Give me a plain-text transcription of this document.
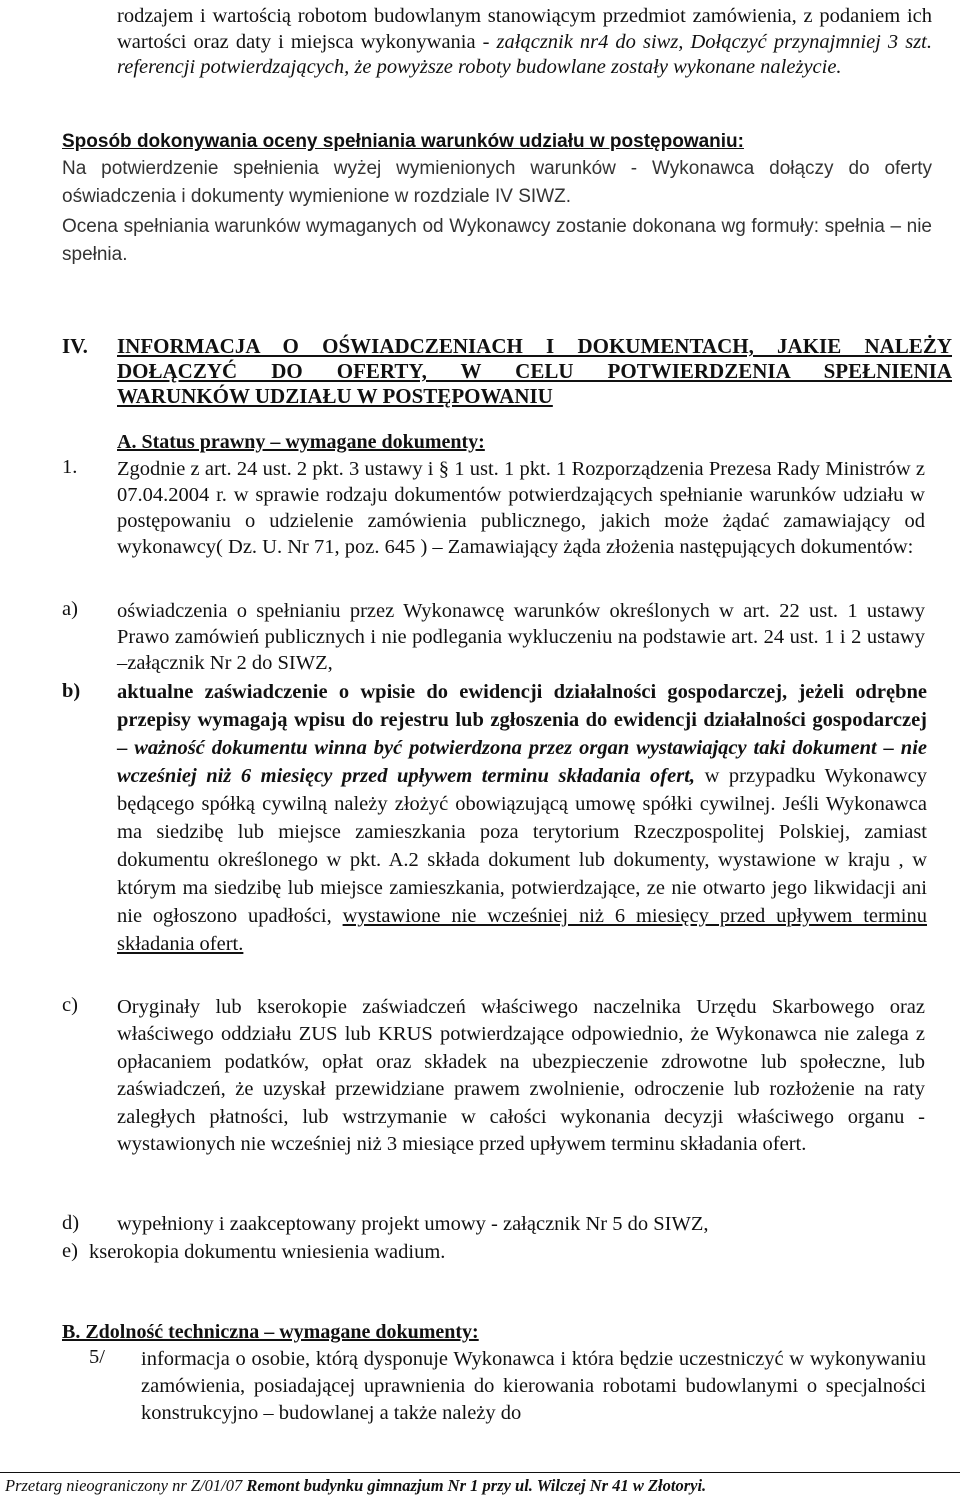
rodzajem i wartością robotom budowlanym stanowiącym przedmiot zamówienia, z podaniem ich wartości oraz daty i miejsca wykonywania - załącznik nr4 do siwz, Dołączyć przynajmniej 3 szt. referencji potwierdzających, że powyższe roboty budowlane zostały wykonane należycie.
Sposób dokonywania oceny spełniania warunków udziału w postępowaniu:
Na potwierdzenie spełnienia wyżej wymienionych warunków - Wykonawca dołączy do oferty oświadczenia i dokumenty wymienione w rozdziale IV SIWZ.
Ocena spełniania warunków wymaganych od Wykonawcy zostanie dokonana wg formuły: spełnia – nie spełnia.
IV. INFORMACJA O OŚWIADCZENIACH I DOKUMENTACH, JAKIE NALEŻY
DOŁĄCZYĆ DO OFERTY, W CELU POTWIERDZENIA SPEŁNIENIA
WARUNKÓW UDZIAŁU W POSTĘPOWANIU
A. Status prawny – wymagane dokumenty:
1. Zgodnie z art. 24 ust. 2 pkt. 3 ustawy i § 1 ust. 1 pkt. 1 Rozporządzenia Prezesa Rady Ministrów z 07.04.2004 r. w sprawie rodzaju dokumentów potwierdzających spełnianie warunków udziału w postępowaniu o udzielenie zamówienia publicznego, jakich może żądać zamawiający od wykonawcy( Dz. U. Nr 71, poz. 645 ) – Zamawiający żąda złożenia następujących dokumentów:
a) oświadczenia o spełnianiu przez Wykonawcę warunków określonych w art. 22 ust. 1 ustawy Prawo zamówień publicznych i nie podlegania wykluczeniu na podstawie art. 24 ust. 1 i 2 ustawy –załącznik Nr 2 do SIWZ,
b) aktualne zaświadczenie o wpisie do ewidencji działalności gospodarczej, jeżeli odrębne przepisy wymagają wpisu do rejestru lub zgłoszenia do ewidencji działalności gospodarczej – ważność dokumentu winna być potwierdzona przez organ wystawiający taki dokument – nie wcześniej niż 6 miesięcy przed upływem terminu składania ofert, w przypadku Wykonawcy będącego spółką cywilną należy złożyć obowiązującą umowę spółki cywilnej. Jeśli Wykonawca ma siedzibę lub miejsce zamieszkania poza terytorium Rzeczpospolitej Polskiej, zamiast dokumentu określonego w pkt. A.2 składa dokument lub dokumenty, wystawione w kraju , w którym ma siedzibę lub miejsce zamieszkania, potwierdzające, ze nie otwarto jego likwidacji ani nie ogłoszono upadłości, wystawione nie wcześniej niż 6 miesięcy przed upływem terminu składania ofert.
c) Oryginały lub kserokopie zaświadczeń właściwego naczelnika Urzędu Skarbowego oraz właściwego oddziału ZUS lub KRUS potwierdzające odpowiednio, że Wykonawca nie zalega z opłacaniem podatków, opłat oraz składek na ubezpieczenie zdrowotne lub społeczne, lub zaświadczeń, że uzyskał przewidziane prawem zwolnienie, odroczenie lub rozłożenie na raty zaległych płatności, lub wstrzymanie w całości wykonania decyzji właściwego organu - wystawionych nie wcześniej niż 3 miesiące przed upływem terminu składania ofert.
d) wypełniony i zaakceptowany projekt umowy - załącznik Nr 5 do SIWZ,
e) kserokopia dokumentu wniesienia wadium.
B. Zdolność techniczna – wymagane dokumenty:
5/ informacja o osobie, którą dysponuje Wykonawca i która będzie uczestniczyć w wykonywaniu zamówienia, posiadającej uprawnienia do kierowania robotami budowlanymi o specjalności konstrukcyjno – budowlanej a także należy do
Przetarg nieograniczony nr Z/01/07 Remont budynku gimnazjum Nr 1 przy ul. Wilczej Nr 41 w Złotoryi.
